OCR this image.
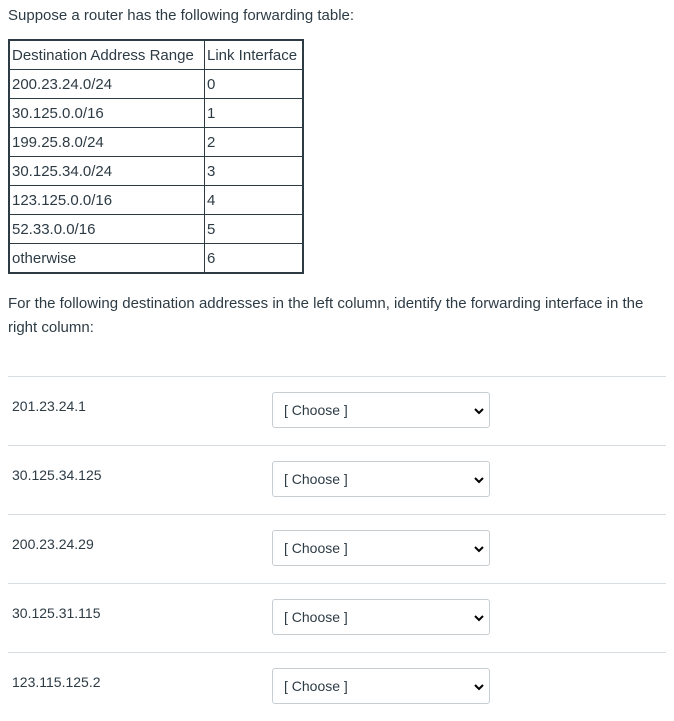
Suppose a router has the following forwarding table:
Destination Address Range	Link Interface
200.23.24.0/24	0
30.125.0.0/16	1
199.25.8.0/24	2
30.125.34.0/24	3
123.125.0.0/16	4
52.33.0.0/16	5
otherwise	6
For the following destination addresses in the left column, identify the forwarding interface in the right column:
201.23.24.1	[ Choose ]
30.125.34.125	[ Choose ]
200.23.24.29	[ Choose ]
30.125.31.115	[ Choose ]
123.115.125.2	[ Choose ]
